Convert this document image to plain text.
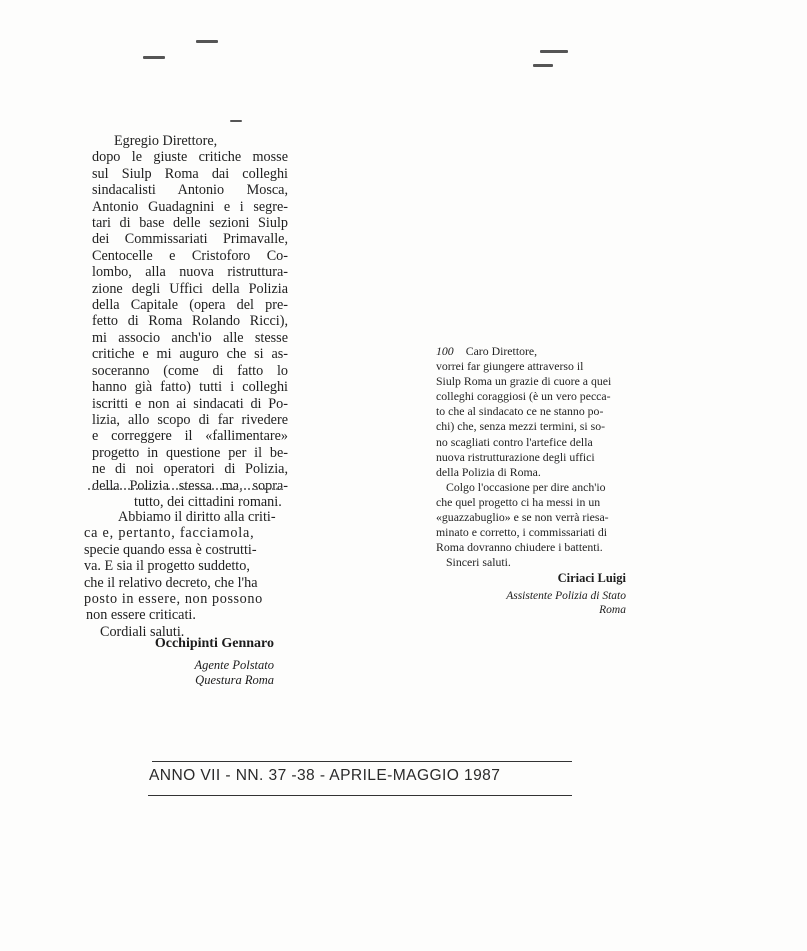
Egregio Direttore,
dopo le giuste critiche mosse
sul Siulp Roma dai colleghi
sindacalisti Antonio Mosca,
Antonio Guadagnini e i segre-
tari di base delle sezioni Siulp
dei Commissariati Primavalle,
Centocelle e Cristoforo Co-
lombo, alla nuova ristruttura-
zione degli Uffici della Polizia
della Capitale (opera del pre-
fetto di Roma Rolando Ricci),
mi associo anch'io alle stesse
critiche e mi auguro che si as-
soceranno (come di fatto lo
hanno già fatto) tutti i colleghi
iscritti e non ai sindacati di Po-
lizia, allo scopo di far rivedere
e correggere il «fallimentare»
progetto in questione per il be-
ne di noi operatori di Polizia,
della Polizia stessa ma, sopra-
tutto, dei cittadini romani.
Abbiamo il diritto alla criti-
ca e, pertanto, facciamola,
specie quando essa è costrutti-
va. E sia il progetto suddetto,
che il relativo decreto, che l'ha
posto in essere, non possono
non essere criticati.
Cordiali saluti.
Occhipinti Gennaro
Agente Polstato
Questura Roma
100 Caro Direttore,
vorrei far giungere attraverso il
Siulp Roma un grazie di cuore a quei
colleghi coraggiosi (è un vero pecca-
to che al sindacato ce ne stanno po-
chi) che, senza mezzi termini, si so-
no scagliati contro l'artefice della
nuova ristrutturazione degli uffici
della Polizia di Roma.
Colgo l'occasione per dire anch'io
che quel progetto ci ha messi in un
«guazzabuglio» e se non verrà riesa-
minato e corretto, i commissariati di
Roma dovranno chiudere i battenti.
Sinceri saluti.
Ciriaci Luigi
Assistente Polizia di Stato
Roma
ANNO VII - NN. 37 -38 - APRILE-MAGGIO 1987
